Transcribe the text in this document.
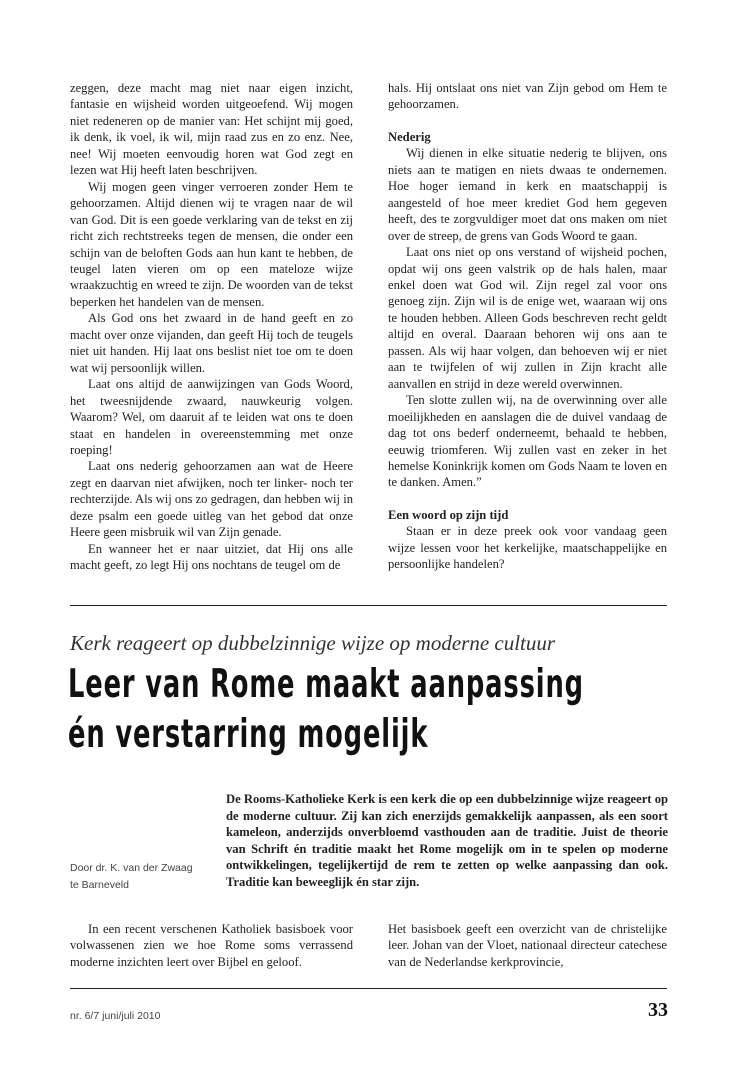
zeggen, deze macht mag niet naar eigen inzicht, fantasie en wijsheid worden uitgeoefend. Wij mogen niet redeneren op de manier van: Het schijnt mij goed, ik denk, ik voel, ik wil, mijn raad zus en zo enz. Nee, nee! Wij moeten eenvoudig horen wat God zegt en lezen wat Hij heeft laten beschrijven.

Wij mogen geen vinger verroeren zonder Hem te gehoorzamen. Altijd dienen wij te vragen naar de wil van God. Dit is een goede verklaring van de tekst en zij richt zich rechtstreeks tegen de mensen, die onder een schijn van de beloften Gods aan hun kant te hebben, de teugel laten vieren om op een mateloze wijze wraakzuchtig en wreed te zijn. De woorden van de tekst beperken het handelen van de mensen.

Als God ons het zwaard in de hand geeft en zo macht over onze vijanden, dan geeft Hij toch de teugels niet uit handen. Hij laat ons beslist niet toe om te doen wat wij persoonlijk willen.

Laat ons altijd de aanwijzingen van Gods Woord, het tweesnijdende zwaard, nauwkeurig volgen. Waarom? Wel, om daaruit af te leiden wat ons te doen staat en handelen in overeenstemming met onze roeping!

Laat ons nederig gehoorzamen aan wat de Heere zegt en daarvan niet afwijken, noch ter linker- noch ter rechterzijde. Als wij ons zo gedragen, dan hebben wij in deze psalm een goede uitleg van het gebod dat onze Heere geen misbruik wil van Zijn genade.

En wanneer het er naar uitziet, dat Hij ons alle macht geeft, zo legt Hij ons nochtans de teugel om de

hals. Hij ontslaat ons niet van Zijn gebod om Hem te gehoorzamen.

Nederig

Wij dienen in elke situatie nederig te blijven, ons niets aan te matigen en niets dwaas te ondernemen. Hoe hoger iemand in kerk en maatschappij is aangesteld of hoe meer krediet God hem gegeven heeft, des te zorgvuldiger moet dat ons maken om niet over de streep, de grens van Gods Woord te gaan.

Laat ons niet op ons verstand of wijsheid pochen, opdat wij ons geen valstrik op de hals halen, maar enkel doen wat God wil. Zijn regel zal voor ons genoeg zijn. Zijn wil is de enige wet, waaraan wij ons te houden hebben. Alleen Gods beschreven recht geldt altijd en overal. Daaraan behoren wij ons aan te passen. Als wij haar volgen, dan behoeven wij er niet aan te twijfelen of wij zullen in Zijn kracht alle aanvallen en strijd in deze wereld overwinnen.

Ten slotte zullen wij, na de overwinning over alle moeilijkheden en aanslagen die de duivel vandaag de dag tot ons bederf onderneemt, behaald te hebben, eeuwig triomferen. Wij zullen vast en zeker in het hemelse Koninkrijk komen om Gods Naam te loven en te danken. Amen.”

Een woord op zijn tijd

Staan er in deze preek ook voor vandaag geen wijze lessen voor het kerkelijke, maatschappelijke en persoonlijke handelen?

Kerk reageert op dubbelzinnige wijze op moderne cultuur
Leer van Rome maakt aanpassing
én verstarring mogelijk
De Rooms-Katholieke Kerk is een kerk die op een dubbelzinnige wijze reageert op de moderne cultuur. Zij kan zich enerzijds gemakkelijk aanpassen, als een soort kameleon, anderzijds onverbloemd vasthouden aan de traditie. Juist de theorie van Schrift én traditie maakt het Rome mogelijk om in te spelen op moderne ontwikkelingen, tegelijkertijd de rem te zetten op welke aanpassing dan ook. Traditie kan beweeglijk én star zijn.
Door dr. K. van der Zwaag
te Barneveld

In een recent verschenen Katholiek basisboek voor volwassenen zien we hoe Rome soms verrassend moderne inzichten leert over Bijbel en geloof.

Het basisboek geeft een overzicht van de christelijke leer. Johan van der Vloet, nationaal directeur catechese van de Nederlandse kerkprovincie,

nr. 6/7 juni/juli 2010	33
